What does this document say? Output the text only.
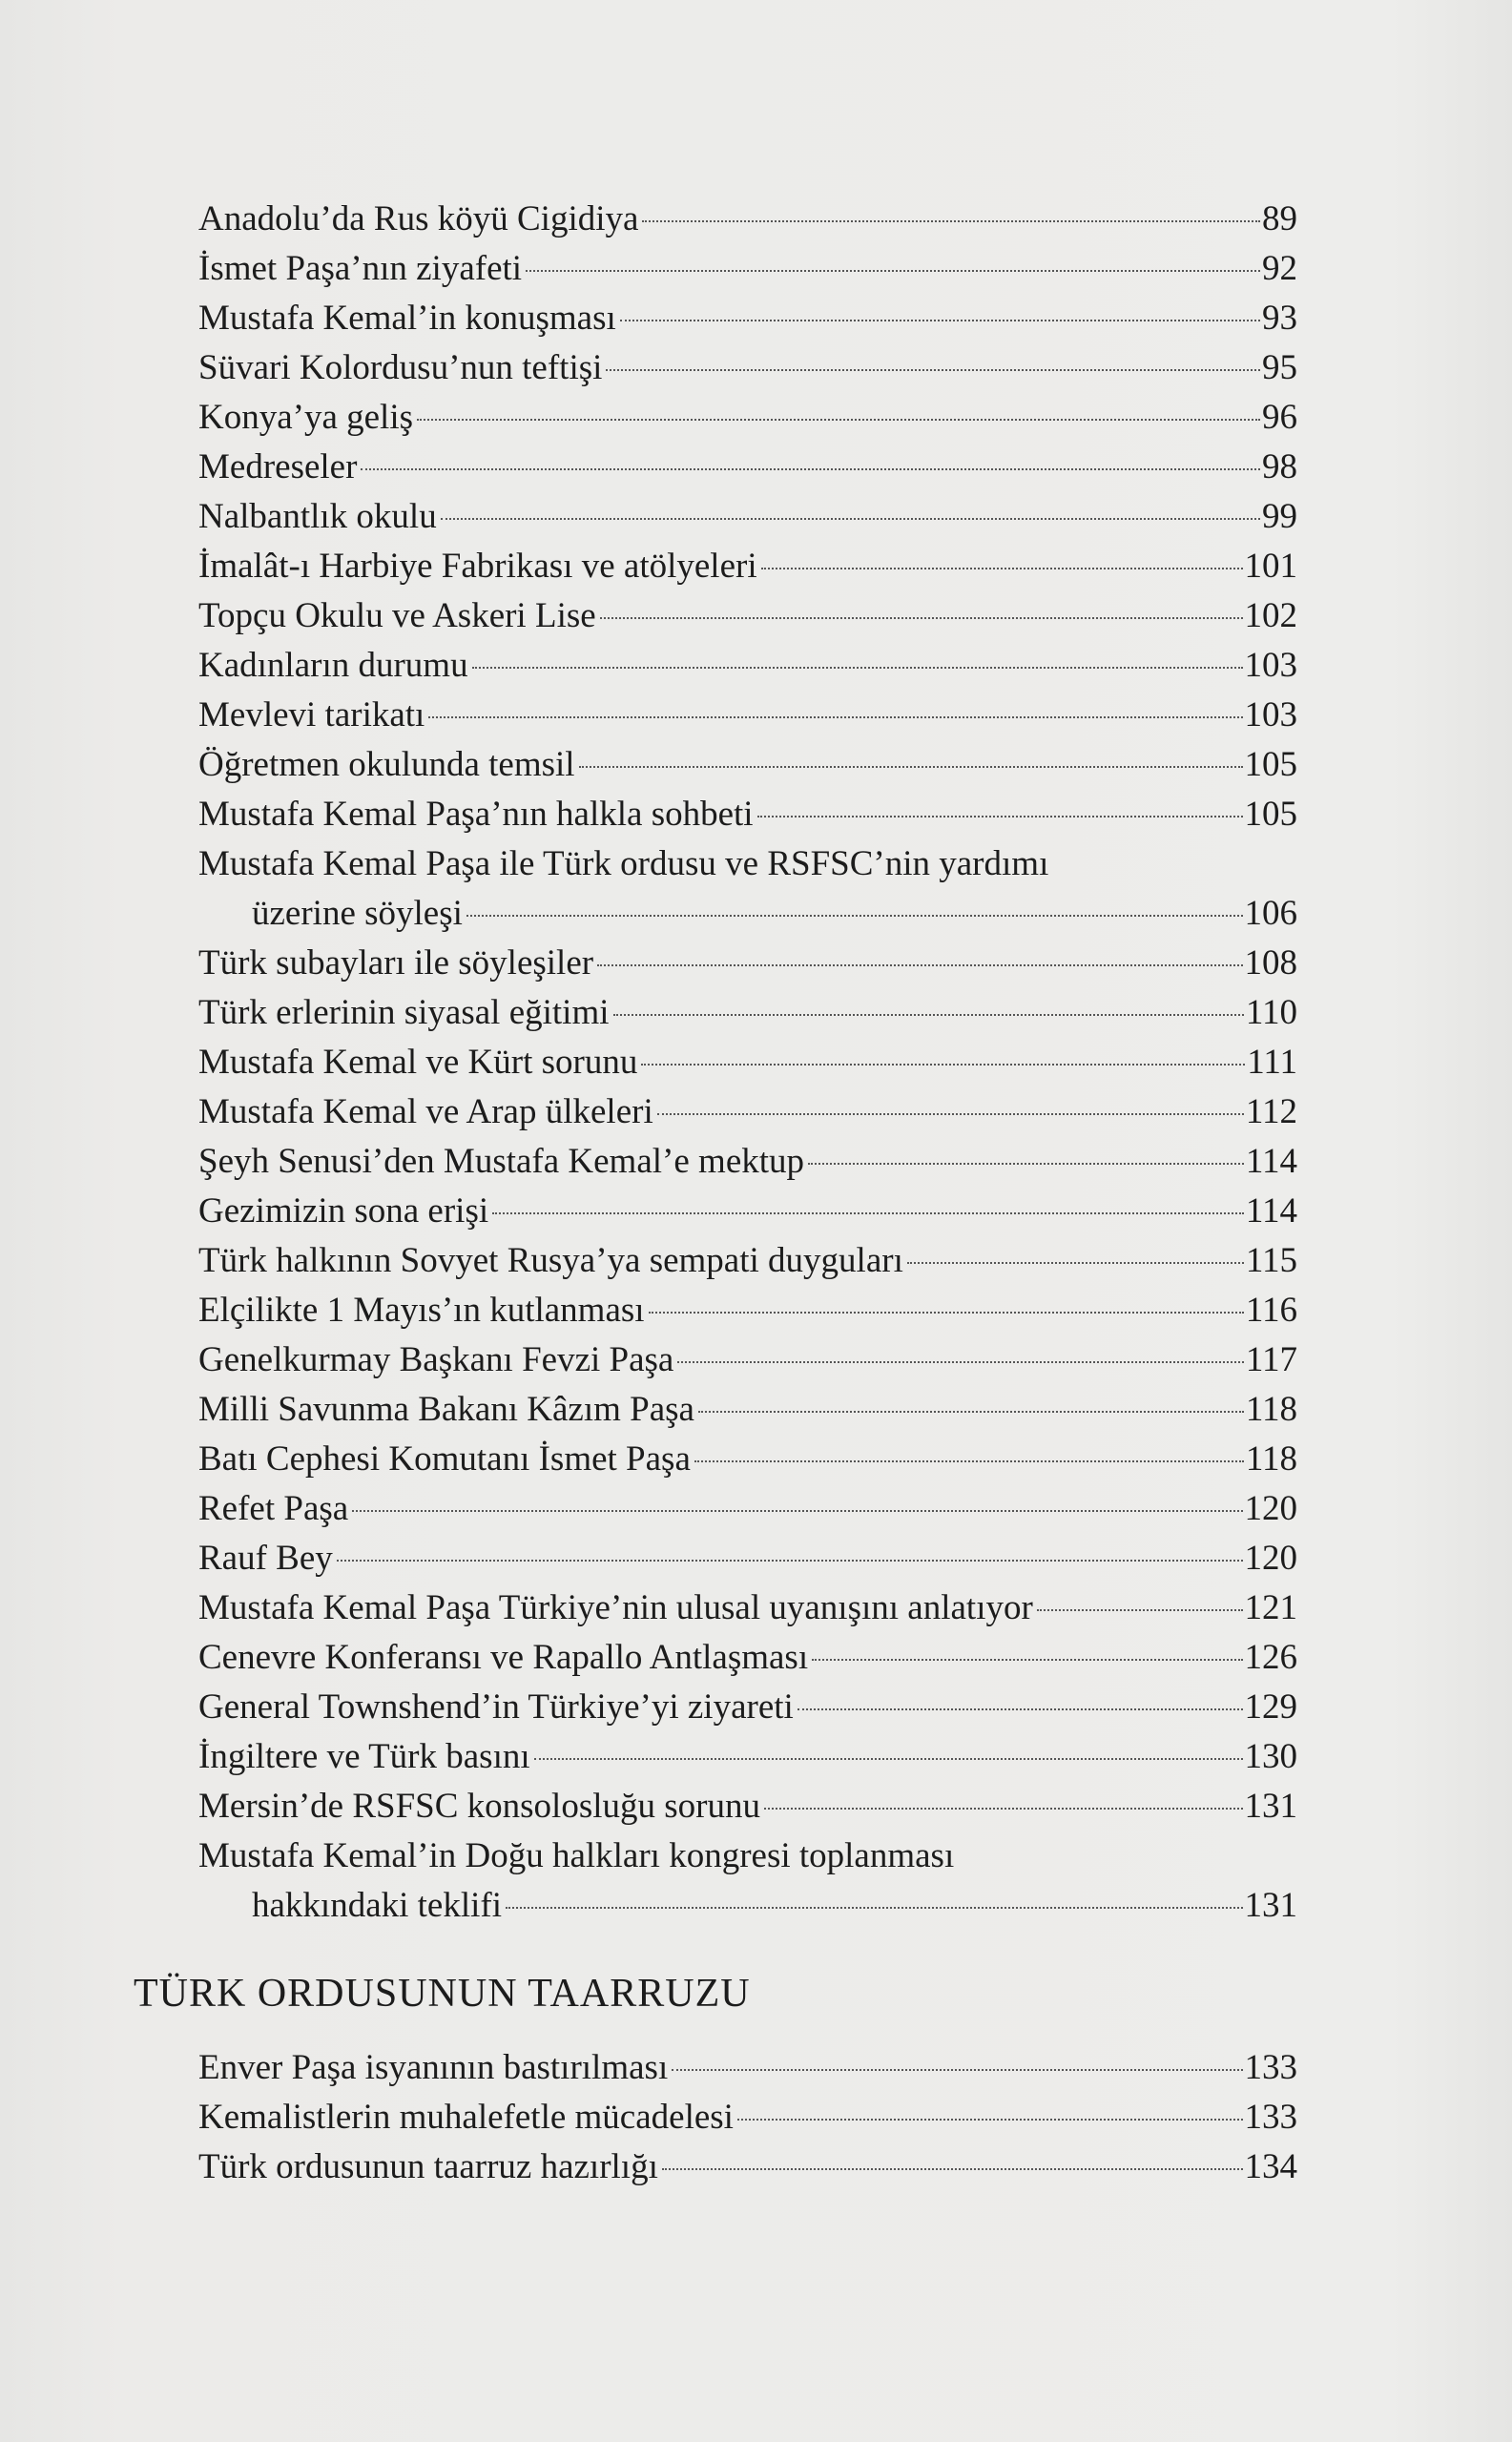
Anadolu’da Rus köyü Cigidiya	89
İsmet Paşa’nın ziyafeti	92
Mustafa Kemal’in konuşması	93
Süvari Kolordusu’nun teftişi	95
Konya’ya geliş	96
Medreseler	98
Nalbantlık okulu	99
İmalât-ı Harbiye Fabrikası ve atölyeleri	101
Topçu Okulu ve Askeri Lise	102
Kadınların durumu	103
Mevlevi tarikatı	103
Öğretmen okulunda temsil	105
Mustafa Kemal Paşa’nın halkla sohbeti	105
Mustafa Kemal Paşa ile Türk ordusu ve RSFSC’nin yardımı
üzerine söyleşi	106
Türk subayları ile söyleşiler	108
Türk erlerinin siyasal eğitimi	110
Mustafa Kemal ve Kürt sorunu	111
Mustafa Kemal ve Arap ülkeleri	112
Şeyh Senusi’den Mustafa Kemal’e mektup	114
Gezimizin sona erişi	114
Türk halkının Sovyet Rusya’ya sempati duyguları	115
Elçilikte 1 Mayıs’ın kutlanması	116
Genelkurmay Başkanı Fevzi Paşa	117
Milli Savunma Bakanı Kâzım Paşa	118
Batı Cephesi Komutanı İsmet Paşa	118
Refet Paşa	120
Rauf Bey	120
Mustafa Kemal Paşa Türkiye’nin ulusal uyanışını anlatıyor	121
Cenevre Konferansı ve Rapallo Antlaşması	126
General Townshend’in Türkiye’yi ziyareti	129
İngiltere ve Türk basını	130
Mersin’de RSFSC konsolosluğu sorunu	131
Mustafa Kemal’in Doğu halkları kongresi toplanması
hakkındaki teklifi	131
TÜRK ORDUSUNUN TAARRUZU
Enver Paşa isyanının bastırılması	133
Kemalistlerin muhalefetle mücadelesi	133
Türk ordusunun taarruz hazırlığı	134
